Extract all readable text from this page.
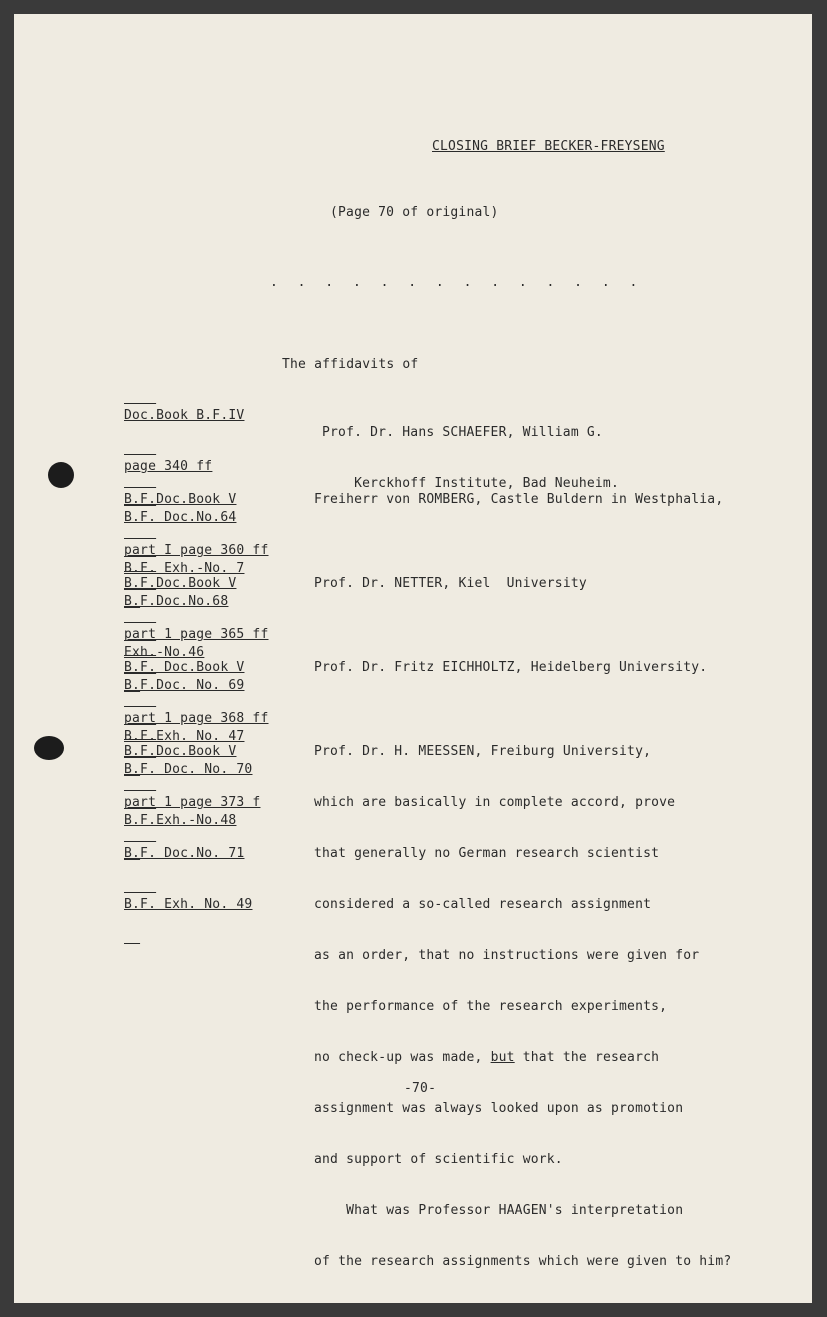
CLOSING BRIEF BECKER-FREYSENG
(Page 70 of original)
. . . . . . . . . . . . . .
The affidavits of

Doc.Book B.F.IV

page 340 ff

B.F. Doc.No.64

B.F. Exh.-No. 7

Prof. Dr. Hans SCHAEFER, William G.

Kerckhoff Institute, Bad Neuheim.

B.F.Doc.Book V

part I page 360 ff

B.F.Doc.No.68

Exh.-No.46

Freiherr von ROMBERG, Castle Buldern in Westphalia,

B.F.Doc.Book V

part 1 page 365 ff

B.F.Doc. No. 69

B.F.Exh. No. 47

Prof. Dr. NETTER, Kiel  University

B.F. Doc.Book V

part 1 page 368 ff

B.F. Doc. No. 70

B.F.Exh.-No.48

Prof. Dr. Fritz EICHHOLTZ, Heidelberg University.

B.F.Doc.Book V

part 1 page 373 f

B.F. Doc.No. 71

B.F. Exh. No. 49

Prof. Dr. H. MEESSEN, Freiburg University,

which are basically in complete accord, prove

that generally no German research scientist

considered a so-called research assignment

as an order, that no instructions were given for

the performance of the research experiments,

no check-up was made, but that the research

assignment was always looked upon as promotion

and support of scientific work.

What was Professor HAAGEN's interpretation

of the research assignments which were given to him?

-70-
